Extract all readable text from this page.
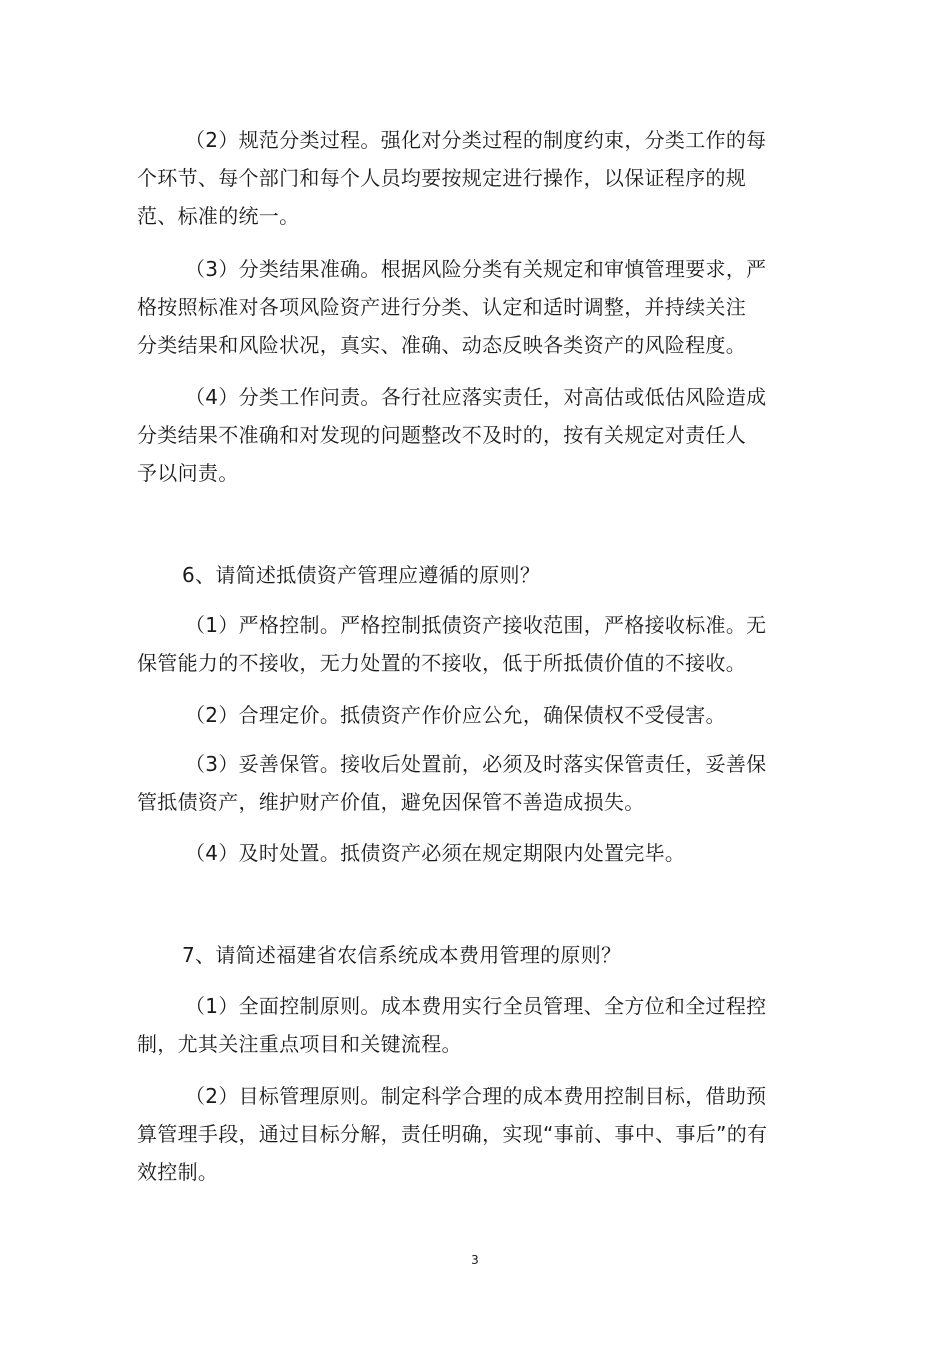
（2）规范分类过程。强化对分类过程的制度约束，分类工作的每
个环节、每个部门和每个人员均要按规定进行操作，以保证程序的规
范、标准的统一。
（3）分类结果准确。根据风险分类有关规定和审慎管理要求，严
格按照标准对各项风险资产进行分类、认定和适时调整，并持续关注
分类结果和风险状况，真实、准确、动态反映各类资产的风险程度。
（4）分类工作问责。各行社应落实责任，对高估或低估风险造成
分类结果不准确和对发现的问题整改不及时的，按有关规定对责任人
予以问责。
6、请简述抵债资产管理应遵循的原则？
（1）严格控制。严格控制抵债资产接收范围，严格接收标准。无
保管能力的不接收，无力处置的不接收，低于所抵债价值的不接收。
（2）合理定价。抵债资产作价应公允，确保债权不受侵害。
（3）妥善保管。接收后处置前，必须及时落实保管责任，妥善保
管抵债资产，维护财产价值，避免因保管不善造成损失。
（4）及时处置。抵债资产必须在规定期限内处置完毕。
7、请简述福建省农信系统成本费用管理的原则？
（1）全面控制原则。成本费用实行全员管理、全方位和全过程控
制，尤其关注重点项目和关键流程。
（2）目标管理原则。制定科学合理的成本费用控制目标，借助预
算管理手段，通过目标分解，责任明确，实现“事前、事中、事后”的有
效控制。
3
